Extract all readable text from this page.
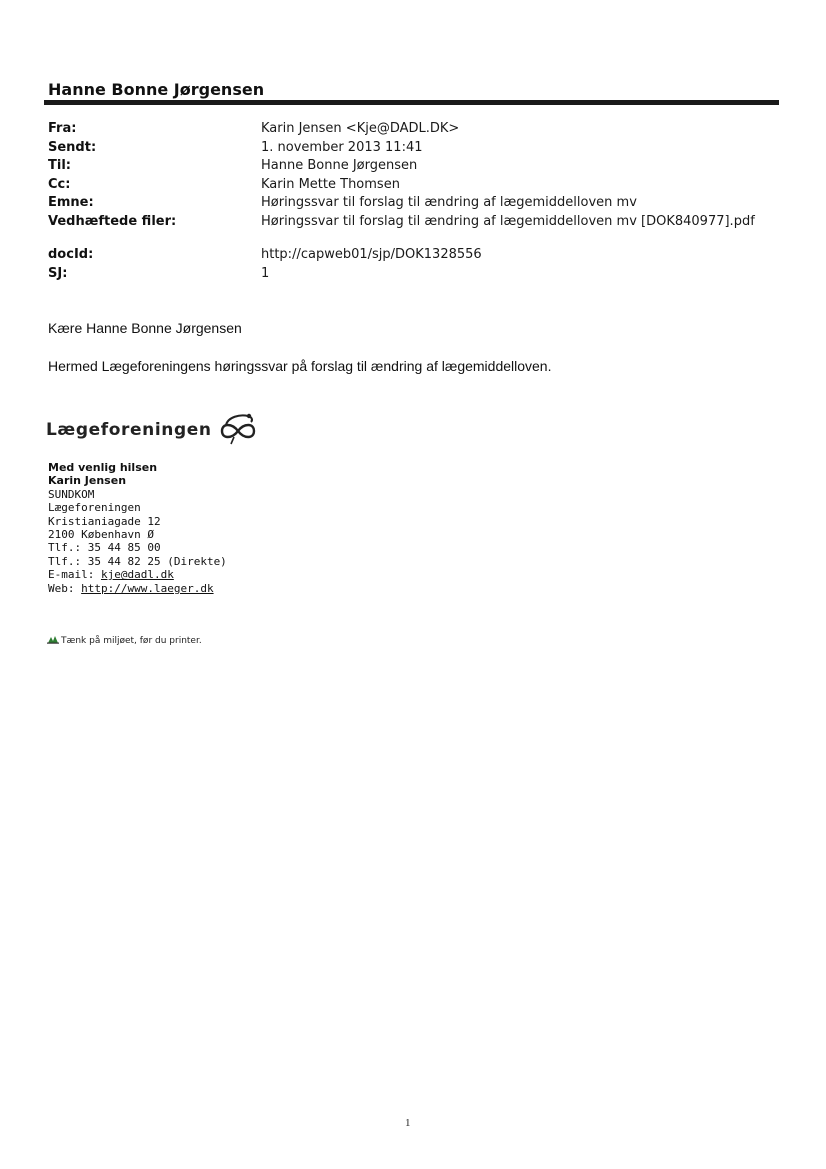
Hanne Bonne Jørgensen
Fra:	Karin Jensen <Kje@DADL.DK>
Sendt:	1. november 2013 11:41
Til:	Hanne Bonne Jørgensen
Cc:	Karin Mette Thomsen
Emne:	Høringssvar til forslag til ændring af lægemiddelloven mv
Vedhæftede filer:	Høringssvar til forslag til ændring af lægemiddelloven mv [DOK840977].pdf
docId:	http://capweb01/sjp/DOK1328556
SJ:	1
Kære Hanne Bonne Jørgensen
Hermed Lægeforeningens høringssvar på forslag til ændring af lægemiddelloven.
Lægeforeningen
Med venlig hilsen
Karin Jensen
SUNDKOM
Lægeforeningen
Kristianiagade 12
2100 København Ø
Tlf.: 35 44 85 00
Tlf.: 35 44 82 25 (Direkte)
E-mail: kje@dadl.dk
Web: http://www.laeger.dk
Tænk på miljøet, før du printer.
1
